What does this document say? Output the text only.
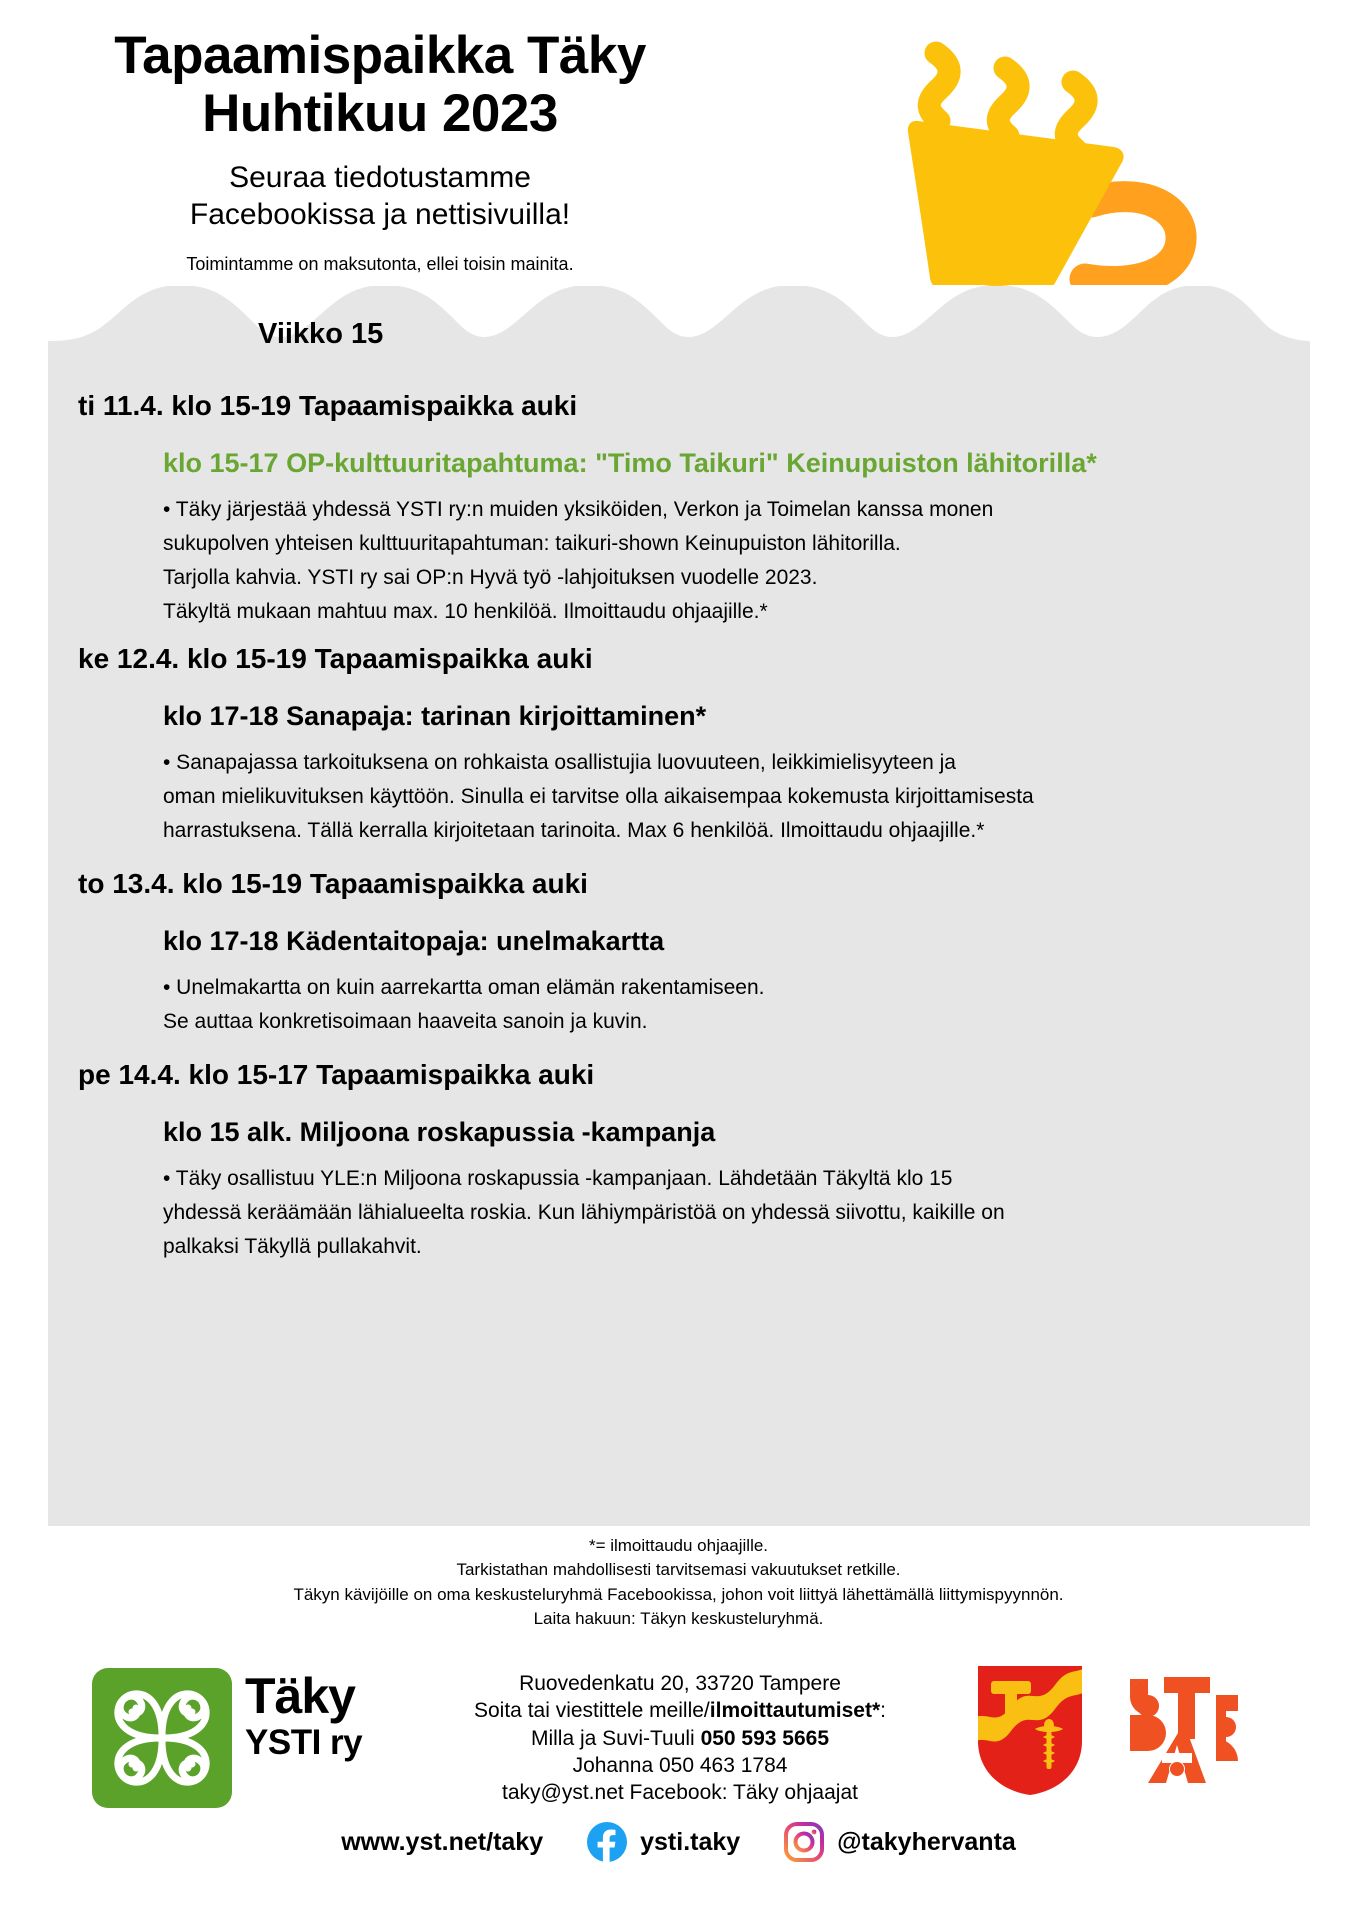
Tapaamispaikka Täky
Huhtikuu 2023
Seuraa tiedotustamme
Facebookissa ja nettisivuilla!
Toimintamme on maksutonta, ellei toisin mainita.
Viikko 15
ti 11.4. klo 15-19 Tapaamispaikka auki
klo 15-17 OP-kulttuuritapahtuma: "Timo Taikuri" Keinupuiston lähitorilla*
• Täky järjestää yhdessä YSTI ry:n muiden yksiköiden, Verkon ja Toimelan kanssa monen
sukupolven yhteisen kulttuuritapahtuman: taikuri-shown Keinupuiston lähitorilla.
Tarjolla kahvia. YSTI ry sai OP:n Hyvä työ -lahjoituksen vuodelle 2023.
Täkyltä mukaan mahtuu max. 10 henkilöä. Ilmoittaudu ohjaajille.*
ke 12.4. klo 15-19 Tapaamispaikka auki
klo 17-18 Sanapaja: tarinan kirjoittaminen*
• Sanapajassa tarkoituksena on rohkaista osallistujia luovuuteen, leikkimielisyyteen ja
oman mielikuvituksen käyttöön. Sinulla ei tarvitse olla aikaisempaa kokemusta kirjoittamisesta
harrastuksena. Tällä kerralla kirjoitetaan tarinoita. Max 6 henkilöä. Ilmoittaudu ohjaajille.*
to 13.4. klo 15-19 Tapaamispaikka auki
klo 17-18 Kädentaitopaja: unelmakartta
• Unelmakartta on kuin aarrekartta oman elämän rakentamiseen.
Se auttaa konkretisoimaan haaveita sanoin ja kuvin.
pe 14.4. klo 15-17 Tapaamispaikka auki
klo 15 alk. Miljoona roskapussia -kampanja
• Täky osallistuu YLE:n Miljoona roskapussia -kampanjaan. Lähdetään Täkyltä klo 15
yhdessä keräämään lähialueelta roskia. Kun lähiympäristöä on yhdessä siivottu, kaikille on
palkaksi Täkyllä pullakahvit.
*= ilmoittaudu ohjaajille.
Tarkistathan mahdollisesti tarvitsemasi vakuutukset retkille.
Täkyn kävijöille on oma keskusteluryhmä Facebookissa, johon voit liittyä lähettämällä liittymispyynnön.
Laita hakuun: Täkyn keskusteluryhmä.
Täky
YSTI ry
Ruovedenkatu 20, 33720 Tampere
Soita tai viestittele meille/ilmoittautumiset*:
Milla ja Suvi-Tuuli 050 593 5665
Johanna 050 463 1784
taky@yst.net Facebook: Täky ohjaajat
www.yst.net/taky	ysti.taky	@takyhervanta
